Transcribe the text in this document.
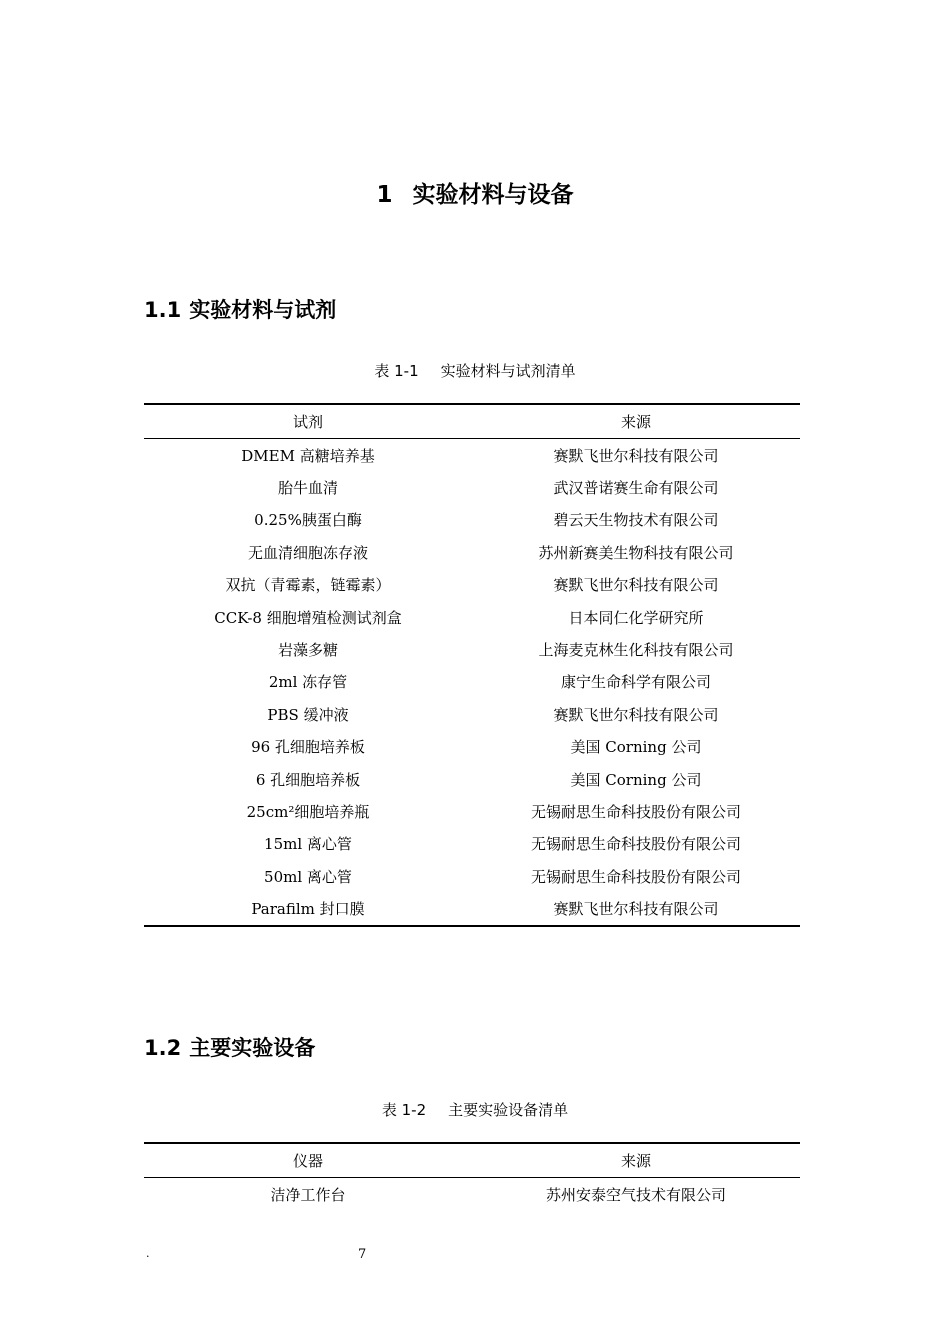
1 实验材料与设备
1.1 实验材料与试剂
表 1-1 实验材料与试剂清单
试剂	来源
DMEM 高糖培养基	赛默飞世尔科技有限公司
胎牛血清	武汉普诺赛生命有限公司
0.25%胰蛋白酶	碧云天生物技术有限公司
无血清细胞冻存液	苏州新赛美生物科技有限公司
双抗（青霉素，链霉素）	赛默飞世尔科技有限公司
CCK-8 细胞增殖检测试剂盒	日本同仁化学研究所
岩藻多糖	上海麦克林生化科技有限公司
2ml 冻存管	康宁生命科学有限公司
PBS 缓冲液	赛默飞世尔科技有限公司
96 孔细胞培养板	美国 Corning 公司
6 孔细胞培养板	美国 Corning 公司
25cm²细胞培养瓶	无锡耐思生命科技股份有限公司
15ml 离心管	无锡耐思生命科技股份有限公司
50ml 离心管	无锡耐思生命科技股份有限公司
Parafilm 封口膜	赛默飞世尔科技有限公司
1.2 主要实验设备
表 1-2 主要实验设备清单
仪器	来源
洁净工作台	苏州安泰空气技术有限公司
.	7
